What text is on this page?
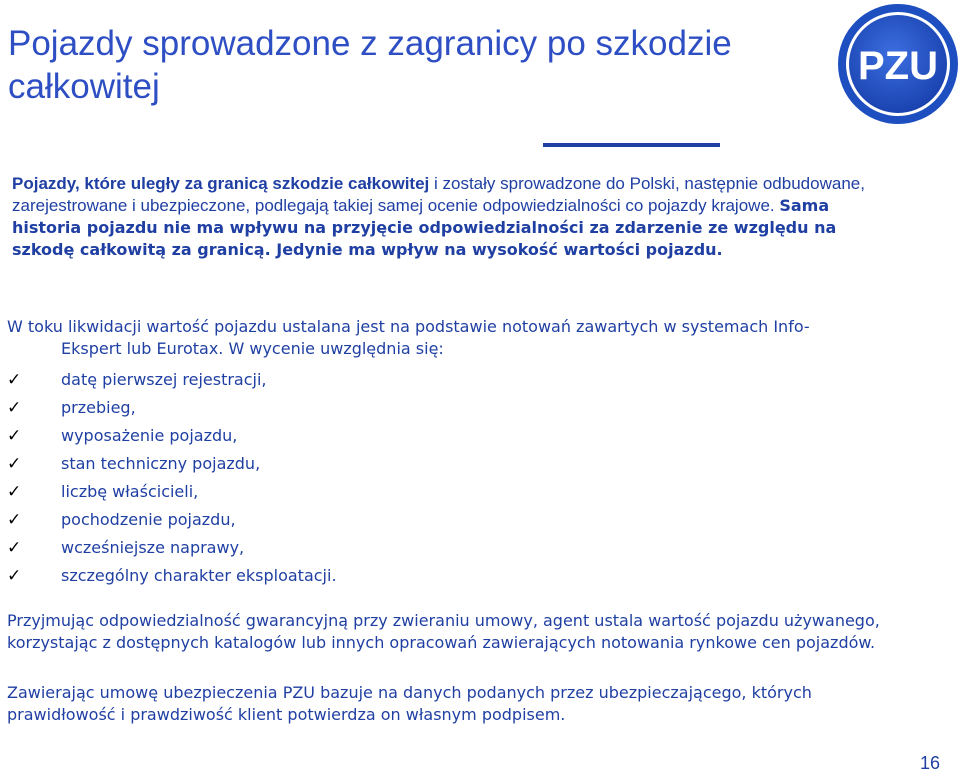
Pojazdy sprowadzone z zagranicy po szkodzie całkowitej	PZU
Pojazdy, które uległy za granicą szkodzie całkowitej i zostały sprowadzone do Polski, następnie odbudowane, zarejestrowane i ubezpieczone, podlegają takiej samej ocenie odpowiedzialności co pojazdy krajowe. Sama historia pojazdu nie ma wpływu na przyjęcie odpowiedzialności za zdarzenie ze względu na szkodę całkowitą za granicą. Jedynie ma wpływ na wysokość wartości pojazdu.
W toku likwidacji wartość pojazdu ustalana jest na podstawie notowań zawartych w systemach Info-
Ekspert lub Eurotax. W wycenie uwzględnia się:
✓	datę pierwszej rejestracji,
✓	przebieg,
✓	wyposażenie pojazdu,
✓	stan techniczny pojazdu,
✓	liczbę właścicieli,
✓	pochodzenie pojazdu,
✓	wcześniejsze naprawy,
✓	szczególny charakter eksploatacji.
Przyjmując odpowiedzialność gwarancyjną przy zwieraniu umowy, agent ustala wartość pojazdu używanego, korzystając z dostępnych katalogów lub innych opracowań zawierających notowania rynkowe cen pojazdów.
Zawierając umowę ubezpieczenia PZU bazuje na danych podanych przez ubezpieczającego, których prawidłowość i prawdziwość klient potwierdza on własnym podpisem.
16
